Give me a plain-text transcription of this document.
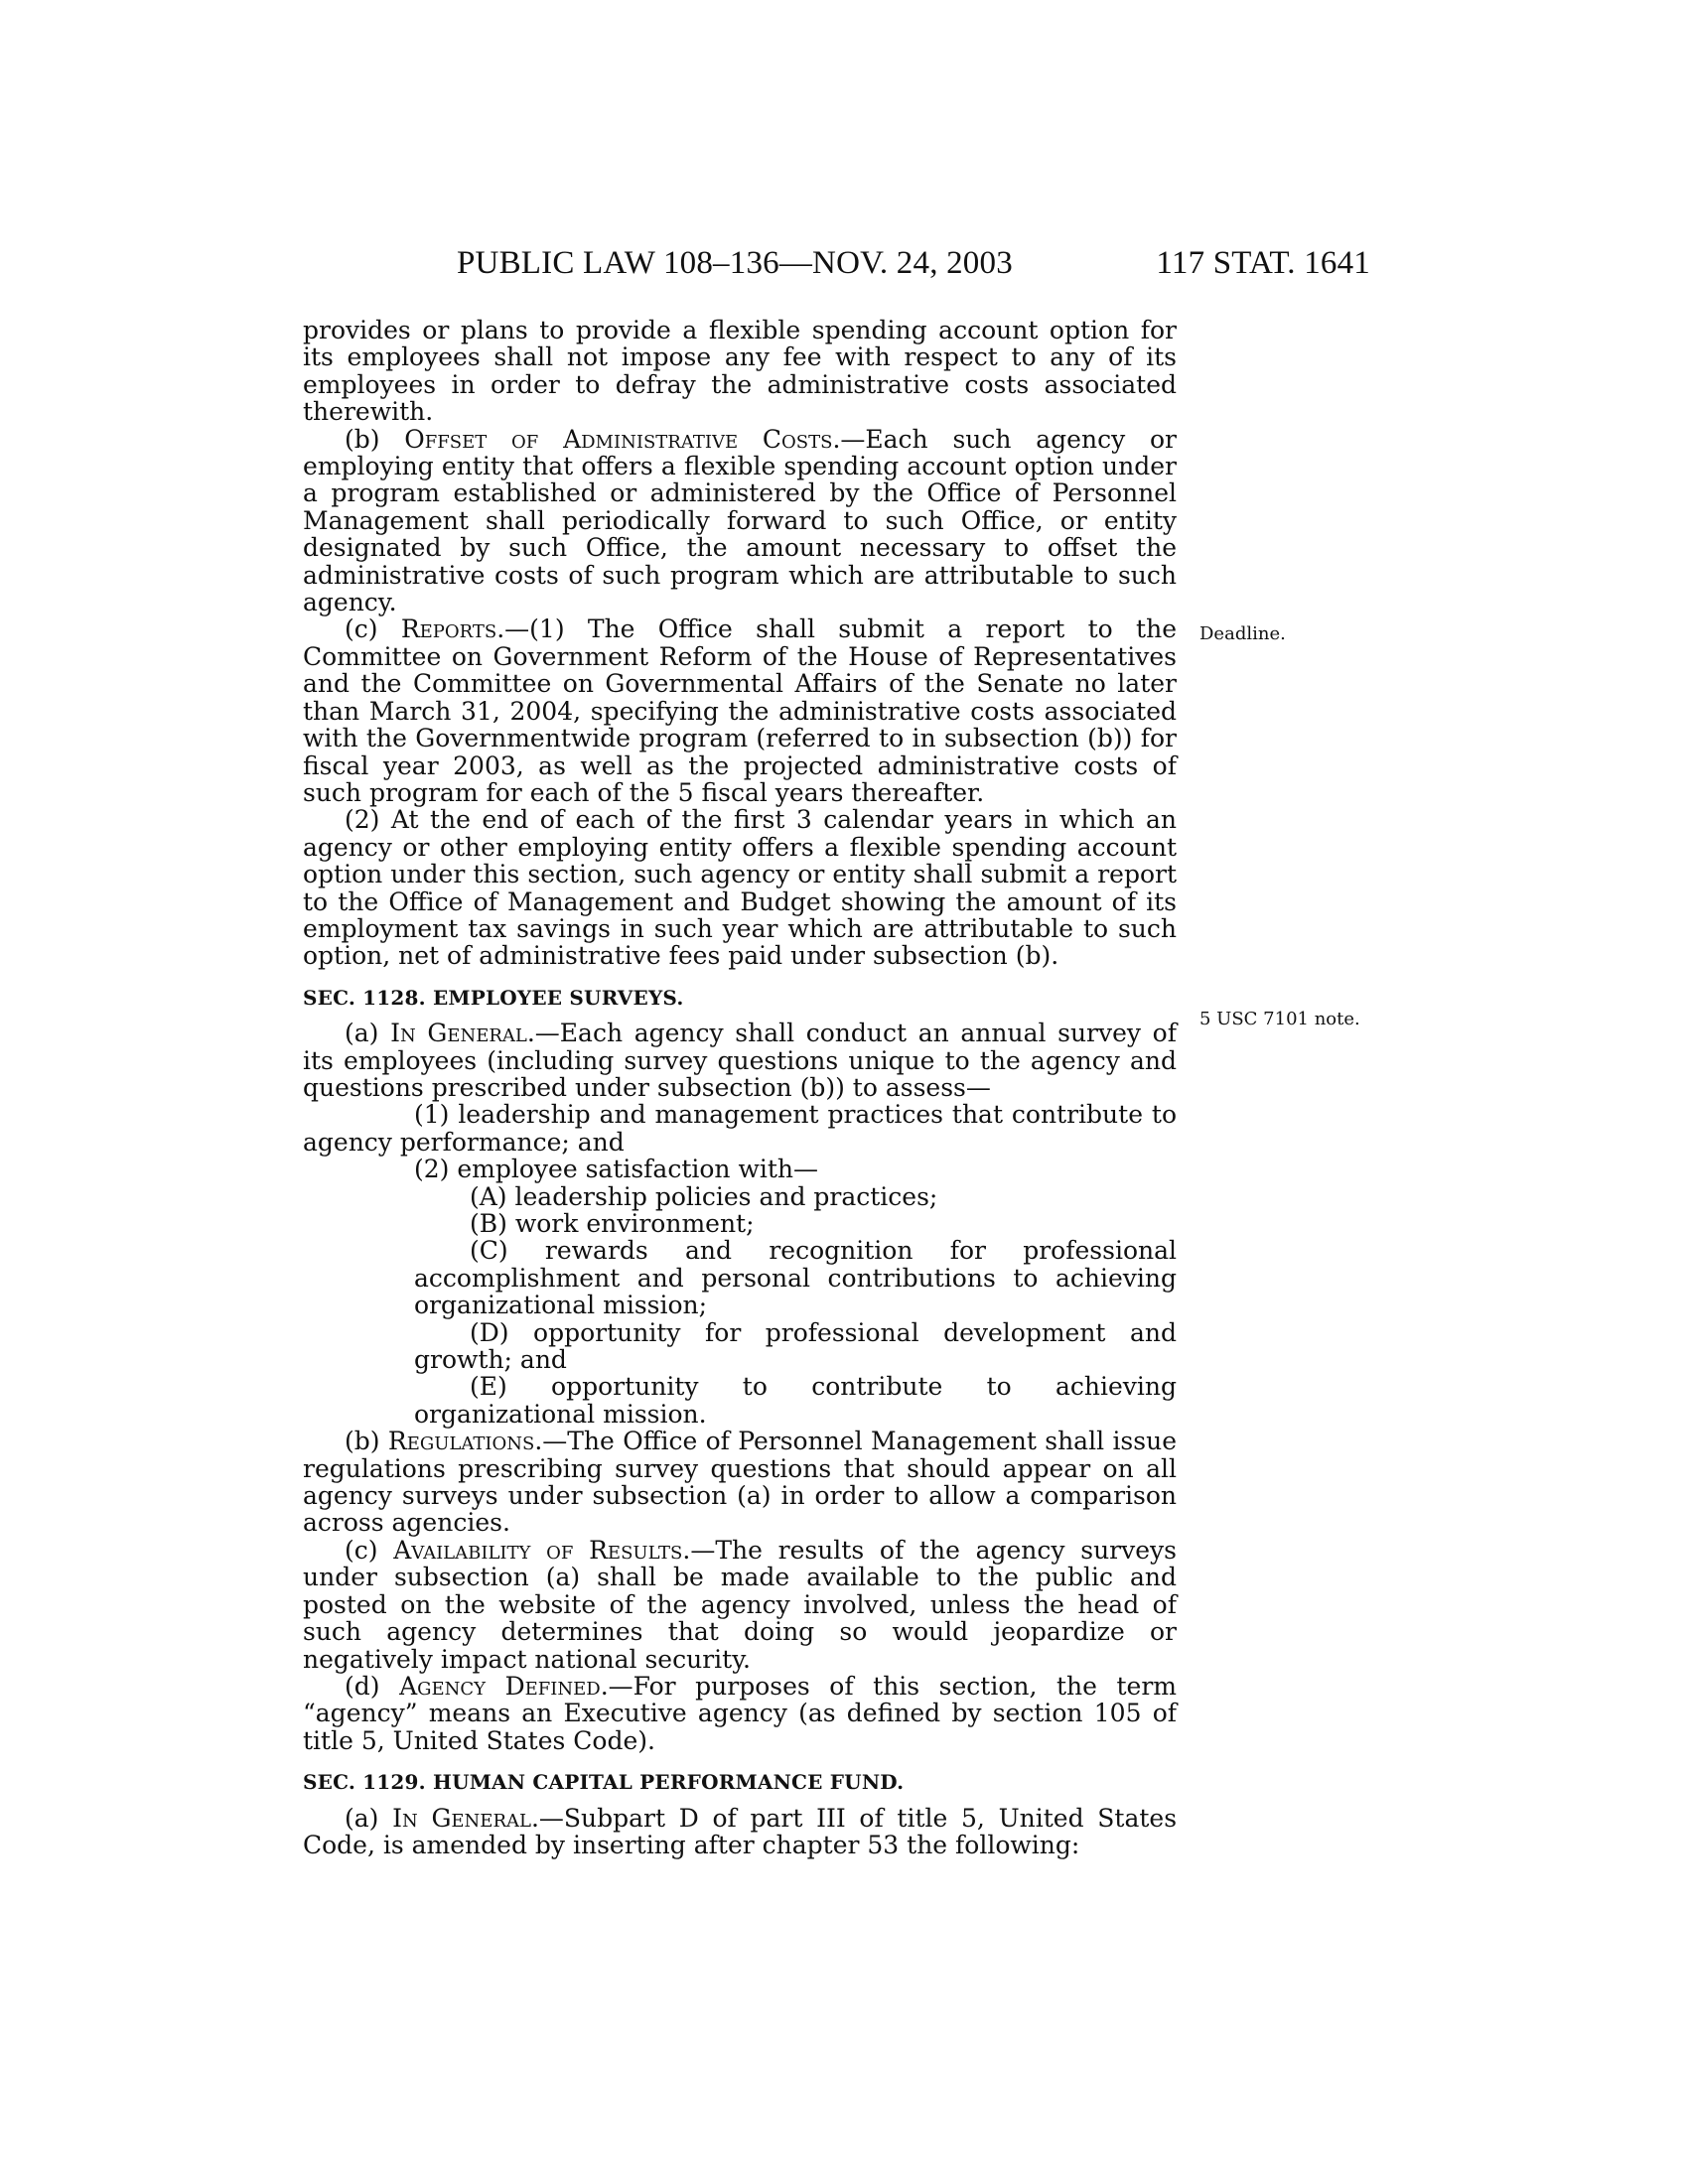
PUBLIC LAW 108–136—NOV. 24, 2003	117 STAT. 1641
Deadline.
5 USC 7101 note.

provides or plans to provide a flexible spending account option for its employees shall not impose any fee with respect to any of its employees in order to defray the administrative costs associated therewith.

(b) Offset of Administrative Costs.—Each such agency or employing entity that offers a flexible spending account option under a program established or administered by the Office of Personnel Management shall periodically forward to such Office, or entity designated by such Office, the amount necessary to offset the administrative costs of such program which are attributable to such agency.

(c) Reports.—(1) The Office shall submit a report to the Committee on Government Reform of the House of Representatives and the Committee on Governmental Affairs of the Senate no later than March 31, 2004, specifying the administrative costs associated with the Governmentwide program (referred to in subsection (b)) for fiscal year 2003, as well as the projected administrative costs of such program for each of the 5 fiscal years thereafter.

(2) At the end of each of the first 3 calendar years in which an agency or other employing entity offers a flexible spending account option under this section, such agency or entity shall submit a report to the Office of Management and Budget showing the amount of its employment tax savings in such year which are attributable to such option, net of administrative fees paid under subsection (b).

SEC. 1128. EMPLOYEE SURVEYS.

(a) In General.—Each agency shall conduct an annual survey of its employees (including survey questions unique to the agency and questions prescribed under subsection (b)) to assess—

(1) leadership and management practices that contribute to agency performance; and

(2) employee satisfaction with—

(A) leadership policies and practices;

(B) work environment;

(C) rewards and recognition for professional accomplishment and personal contributions to achieving organizational mission;

(D) opportunity for professional development and growth; and

(E) opportunity to contribute to achieving organizational mission.

(b) Regulations.—The Office of Personnel Management shall issue regulations prescribing survey questions that should appear on all agency surveys under subsection (a) in order to allow a comparison across agencies.

(c) Availability of Results.—The results of the agency surveys under subsection (a) shall be made available to the public and posted on the website of the agency involved, unless the head of such agency determines that doing so would jeopardize or negatively impact national security.

(d) Agency Defined.—For purposes of this section, the term “agency” means an Executive agency (as defined by section 105 of title 5, United States Code).

SEC. 1129. HUMAN CAPITAL PERFORMANCE FUND.

(a) In General.—Subpart D of part III of title 5, United States Code, is amended by inserting after chapter 53 the following:
